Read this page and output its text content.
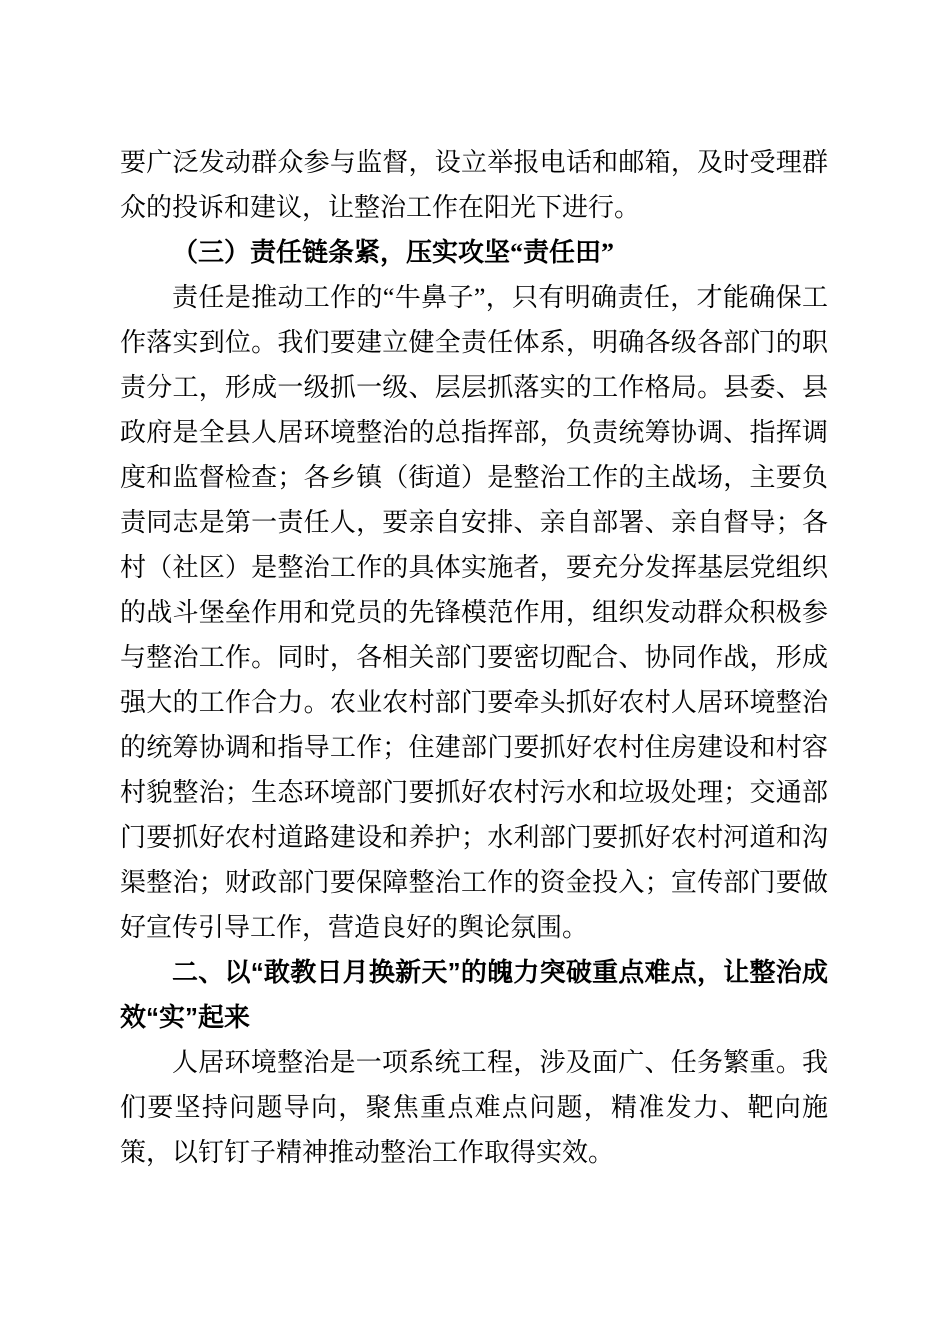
要广泛发动群众参与监督，设立举报电话和邮箱，及时受理群众的投诉和建议，让整治工作在阳光下进行。

（三）责任链条紧，压实攻坚“责任田”

责任是推动工作的“牛鼻子”，只有明确责任，才能确保工作落实到位。我们要建立健全责任体系，明确各级各部门的职责分工，形成一级抓一级、层层抓落实的工作格局。县委、县政府是全县人居环境整治的总指挥部，负责统筹协调、指挥调度和监督检查；各乡镇（街道）是整治工作的主战场，主要负责同志是第一责任人，要亲自安排、亲自部署、亲自督导；各村（社区）是整治工作的具体实施者，要充分发挥基层党组织的战斗堡垒作用和党员的先锋模范作用，组织发动群众积极参与整治工作。同时，各相关部门要密切配合、协同作战，形成强大的工作合力。农业农村部门要牵头抓好农村人居环境整治的统筹协调和指导工作；住建部门要抓好农村住房建设和村容村貌整治；生态环境部门要抓好农村污水和垃圾处理；交通部门要抓好农村道路建设和养护；水利部门要抓好农村河道和沟渠整治；财政部门要保障整治工作的资金投入；宣传部门要做好宣传引导工作，营造良好的舆论氛围。

二、以“敢教日月换新天”的魄力突破重点难点，让整治成效“实”起来

人居环境整治是一项系统工程，涉及面广、任务繁重。我们要坚持问题导向，聚焦重点难点问题，精准发力、靶向施策，以钉钉子精神推动整治工作取得实效。
